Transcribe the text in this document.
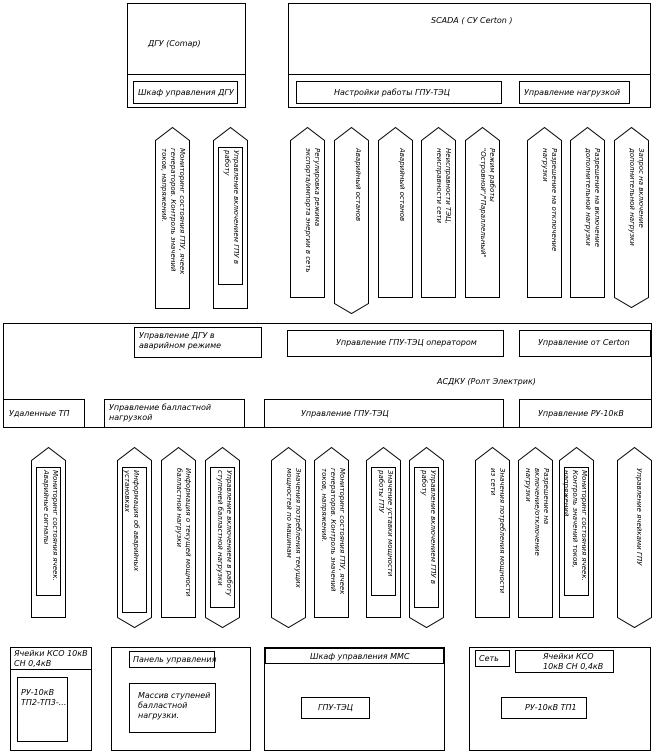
ДГУ (Comap)
Шкаф управления ДГУ
SCADA ( СУ Certon )
Настройки работы ГПУ-ТЭЦ	Управление нагрузкой
Мониторинг состояния ГПУ, ячеек
генераторов. Контроль значений
токов, напряжений.
Управление включением ГПУ в
работу	Регулировка режима
экспорта/импорта энергии в сеть
Аварийный останов	Аварийный останов	Неисправности ТЭЦ,
неисправности сети
Режим работы
"Островной"/"Параллельный"	Разрешение на отключение
нагрузки	Разрешение на включение
дополнительной нагрузки
Запрос на включение
дополнительной нагрузки
Управление ДГУ в аварийном режиме	Управление ГПУ-ТЭЦ оператором	Управление от Certon
АСДКУ (Ролт Электрик)
Удаленные ТП
Управление балластной нагрузкой	Управление ГПУ-ТЭЦ	Управление РУ-10кВ
Мониторинг состояния ячеек.
Аварийные сигналы	Информация об аварийных установках	Информация о текущей мощности
балластной нагрузки
Управление включением в работу
ступеней балластной нагрузки
Значения потребления текущих
мощностей по машинам
Мониторинг состояния ГПУ, ячеек
генераторов. Контроль значений
токов, напряжений.
Значение уставки мощности
работы ГПУ	Управление включением ГПУ в
работу	Значения потребления мощности
из сети	Разрешение на
включение/отключение
нагрузки	Мониторинг состояния ячеек.
Контроль значений токов,
напряжений	Управление ячейками ГПУ
Ячейки КСО 10кВ СН 0,4кВ
РУ-10кВ ТП2-ТП3-...
Панель управления
Массив ступеней балластной нагрузки.
Шкаф управления ММС
ГПУ-ТЭЦ
Сеть	Ячейки КСО 10кВ СН 0,4кВ
РУ-10кВ ТП1
